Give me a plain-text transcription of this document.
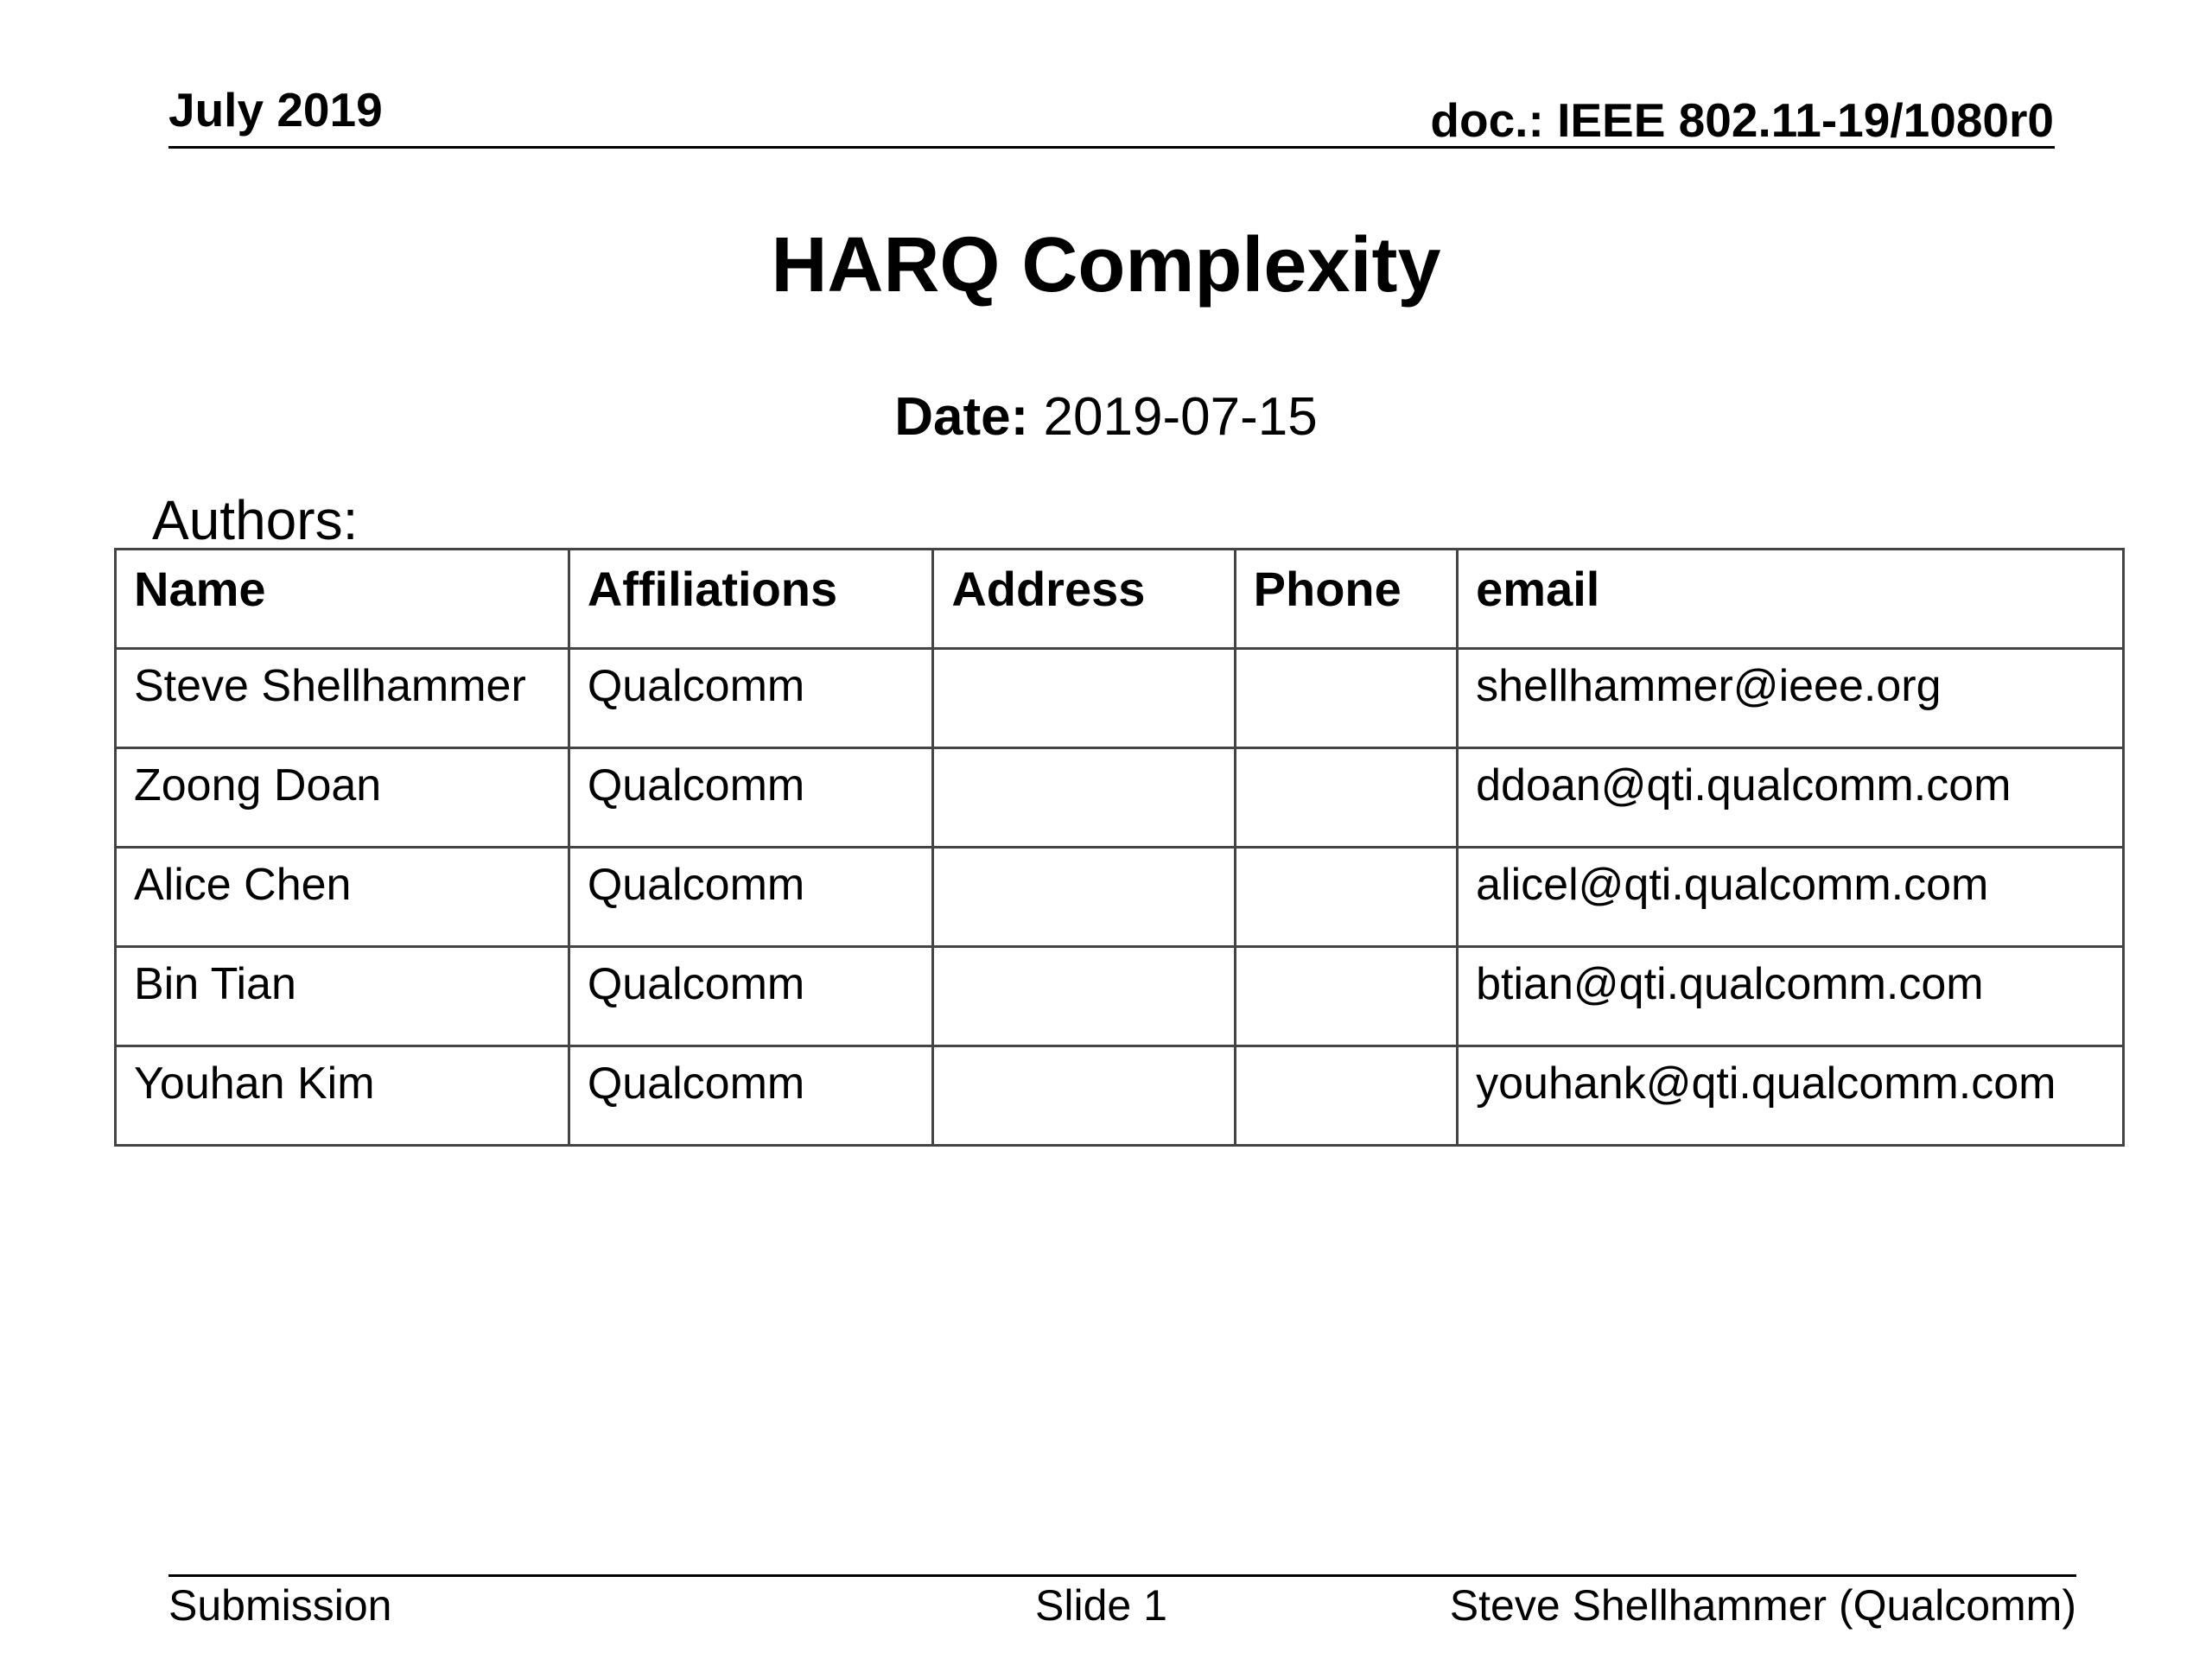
July 2019	doc.: IEEE 802.11-19/1080r0
HARQ Complexity
Date: 2019-07-15
Authors:
Name	Affiliations	Address	Phone	email
Steve Shellhammer	Qualcomm			shellhammer@ieee.org
Zoong Doan	Qualcomm			ddoan@qti.qualcomm.com
Alice Chen	Qualcomm			alicel@qti.qualcomm.com
Bin Tian	Qualcomm			btian@qti.qualcomm.com
Youhan Kim	Qualcomm			youhank@qti.qualcomm.com
Submission	Slide 1	Steve Shellhammer (Qualcomm)
